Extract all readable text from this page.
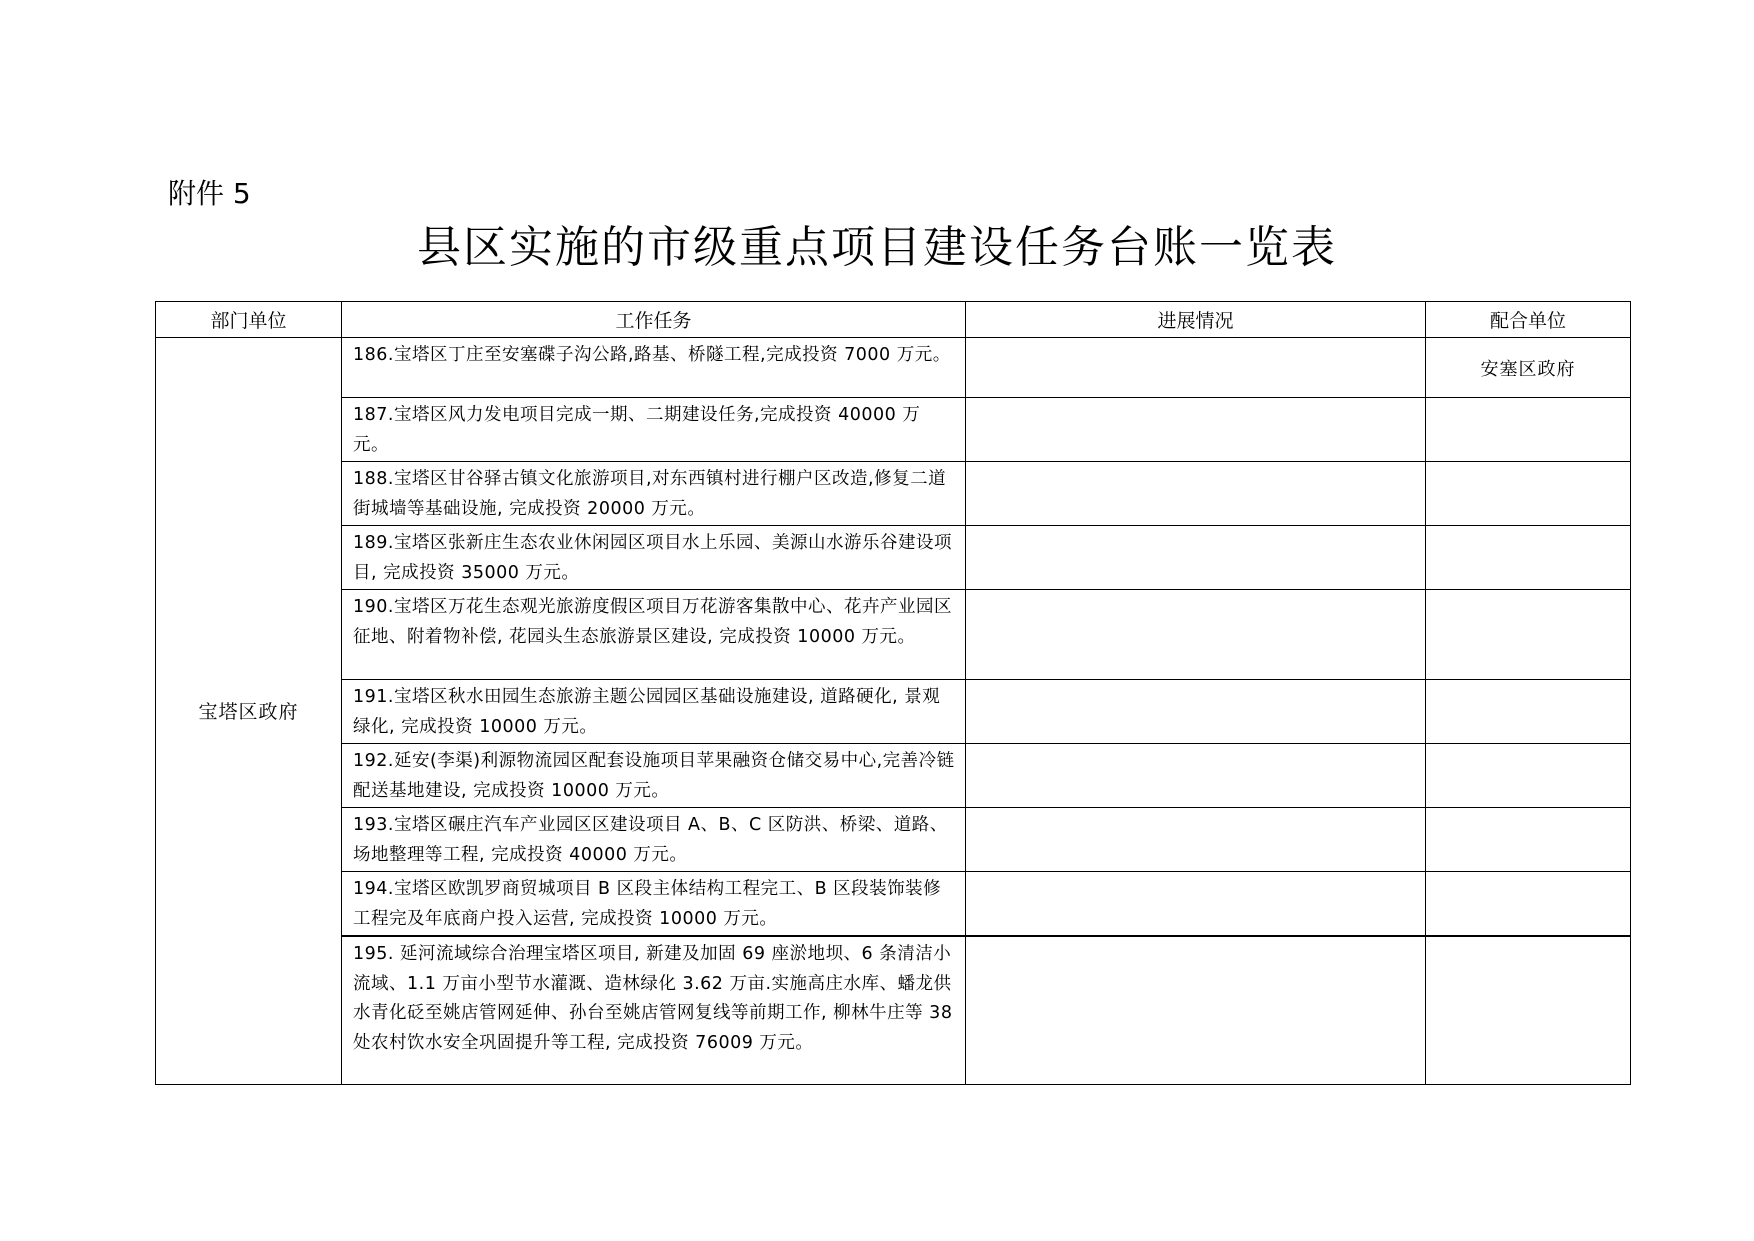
附件 5
县区实施的市级重点项目建设任务台账一览表
部门单位	工作任务	进展情况	配合单位
宝塔区政府	186.宝塔区丁庄至安塞碟子沟公路,路基、桥隧工程,完成投资 7000 万元。		安塞区政府
	187.宝塔区风力发电项目完成一期、二期建设任务,完成投资 40000 万元。		
	188.宝塔区甘谷驿古镇文化旅游项目,对东西镇村进行棚户区改造,修复二道街城墙等基础设施, 完成投资 20000 万元。		
	189.宝塔区张新庄生态农业休闲园区项目水上乐园、美源山水游乐谷建设项目, 完成投资 35000 万元。		
	190.宝塔区万花生态观光旅游度假区项目万花游客集散中心、花卉产业园区征地、附着物补偿, 花园头生态旅游景区建设, 完成投资 10000 万元。		
	191.宝塔区秋水田园生态旅游主题公园园区基础设施建设, 道路硬化, 景观绿化, 完成投资 10000 万元。		
	192.延安(李渠)利源物流园区配套设施项目苹果融资仓储交易中心,完善冷链配送基地建设, 完成投资 10000 万元。		
	193.宝塔区碾庄汽车产业园区区建设项目 A、B、C 区防洪、桥梁、道路、场地整理等工程, 完成投资 40000 万元。		
	194.宝塔区欧凯罗商贸城项目 B 区段主体结构工程完工、B 区段装饰装修工程完及年底商户投入运营, 完成投资 10000 万元。		
	195. 延河流域综合治理宝塔区项目, 新建及加固 69 座淤地坝、6 条清洁小流域、1.1 万亩小型节水灌溉、造林绿化 3.62 万亩.实施高庄水库、蟠龙供水青化砭至姚店管网延伸、孙台至姚店管网复线等前期工作, 柳林牛庄等 38 处农村饮水安全巩固提升等工程, 完成投资 76009 万元。		
